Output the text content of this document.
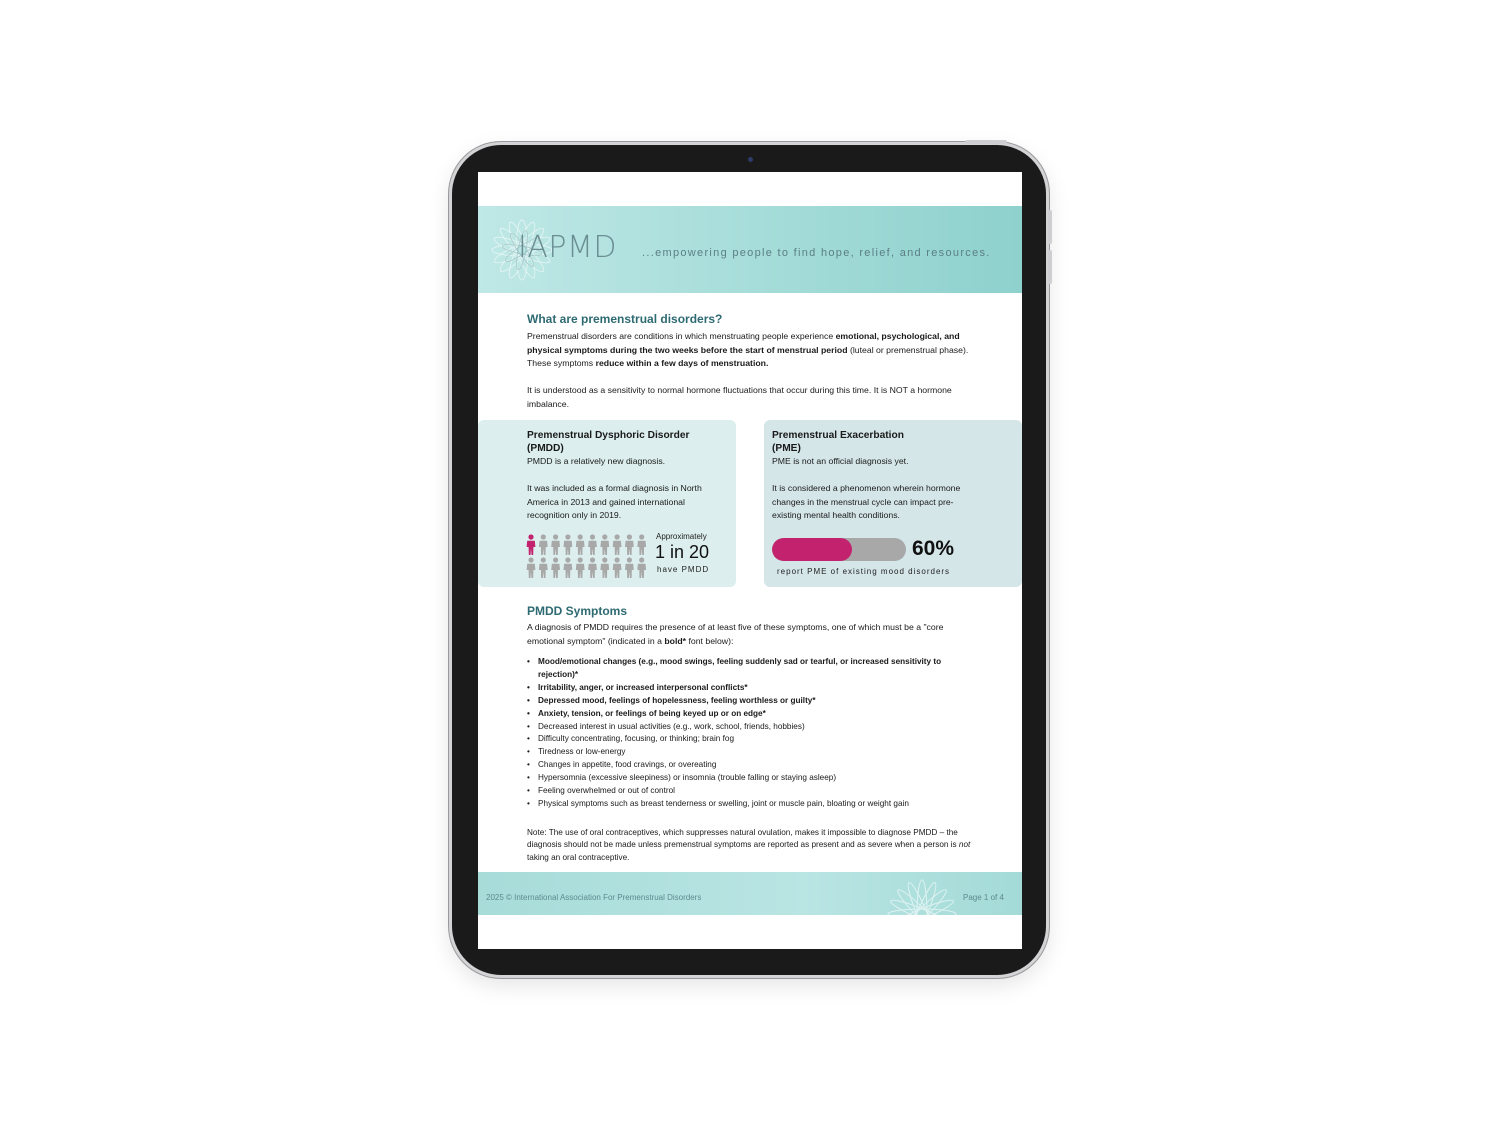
IAPMD ...empowering people to find hope, relief, and resources.
What are premenstrual disorders?
Premenstrual disorders are conditions in which menstruating people experience emotional, psychological, and physical symptoms during the two weeks before the start of menstrual period (luteal or premenstrual phase). These symptoms reduce within a few days of menstruation.
It is understood as a sensitivity to normal hormone fluctuations that occur during this time. It is NOT a hormone imbalance.
Premenstrual Dysphoric Disorder
(PMDD)
PMDD is a relatively new diagnosis.
It was included as a formal diagnosis in North America in 2013 and gained international recognition only in 2019.
Approximately
1 in 20
have PMDD
Premenstrual Exacerbation
(PME)
PME is not an official diagnosis yet.
It is considered a phenomenon wherein hormone changes in the menstrual cycle can impact pre-existing mental health conditions.
report PME of existing mood disorders
60%
PMDD Symptoms
A diagnosis of PMDD requires the presence of at least five of these symptoms, one of which must be a "core emotional symptom" (indicated in a bold* font below):
• Mood/emotional changes (e.g., mood swings, feeling suddenly sad or tearful, or increased sensitivity to rejection)*
• Irritability, anger, or increased interpersonal conflicts*
• Depressed mood, feelings of hopelessness, feeling worthless or guilty*
• Anxiety, tension, or feelings of being keyed up or on edge*
• Decreased interest in usual activities (e.g., work, school, friends, hobbies)
• Difficulty concentrating, focusing, or thinking; brain fog
• Tiredness or low-energy
• Changes in appetite, food cravings, or overeating
• Hypersomnia (excessive sleepiness) or insomnia (trouble falling or staying asleep)
• Feeling overwhelmed or out of control
• Physical symptoms such as breast tenderness or swelling, joint or muscle pain, bloating or weight gain
Note: The use of oral contraceptives, which suppresses natural ovulation, makes it impossible to diagnose PMDD – the diagnosis should not be made unless premenstrual symptoms are reported as present and as severe when a person is not taking an oral contraceptive.
2025 © International Association For Premenstrual Disorders	Page 1 of 4
